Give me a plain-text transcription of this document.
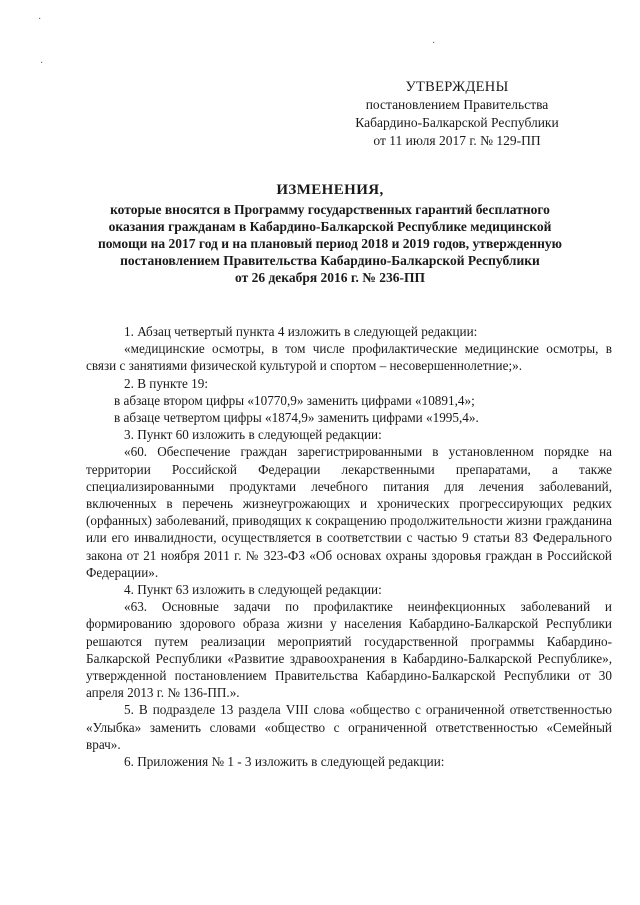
·
·
·
УТВЕРЖДЕНЫ
постановлением Правительства
Кабардино-Балкарской Республики
от 11 июля 2017 г. № 129-ПП
ИЗМЕНЕНИЯ,
которые вносятся в Программу государственных гарантий бесплатного
оказания гражданам в Кабардино-Балкарской Республике медицинской
помощи на 2017 год и на плановый период 2018 и 2019 годов, утвержденную
постановлением Правительства Кабардино-Балкарской Республики
от 26 декабря 2016 г. № 236-ПП

1. Абзац четвертый пункта 4 изложить в следующей редакции:

«медицинские осмотры, в том числе профилактические медицинские осмотры, в связи с занятиями физической культурой и спортом – несовершеннолетние;».

2. В пункте 19:

в абзаце втором цифры «10770,9» заменить цифрами «10891,4»;

в абзаце четвертом цифры «1874,9» заменить цифрами «1995,4».

3. Пункт 60 изложить в следующей редакции:

«60. Обеспечение граждан зарегистрированными в установленном порядке на территории Российской Федерации лекарственными препаратами, а также специализированными продуктами лечебного питания для лечения заболеваний, включенных в перечень жизнеугрожающих и хронических прогрессирующих редких (орфанных) заболеваний, приводящих к сокращению продолжительности жизни гражданина или его инвалидности, осуществляется в соответствии с частью 9 статьи 83 Федерального закона от 21 ноября 2011 г. № 323-ФЗ «Об основах охраны здоровья граждан в Российской Федерации».

4. Пункт 63 изложить в следующей редакции:

«63. Основные задачи по профилактике неинфекционных заболеваний и формированию здорового образа жизни у населения Кабардино-Балкарской Республики решаются путем реализации мероприятий государственной программы Кабардино-Балкарской Республики «Развитие здравоохранения в Кабардино-Балкарской Республике», утвержденной постановлением Правительства Кабардино-Балкарской Республики от 30 апреля 2013 г. № 136-ПП.».

5. В подразделе 13 раздела VIII слова «общество с ограниченной ответственностью «Улыбка» заменить словами «общество с ограниченной ответственностью «Семейный врач».

6. Приложения № 1 - 3 изложить в следующей редакции:
